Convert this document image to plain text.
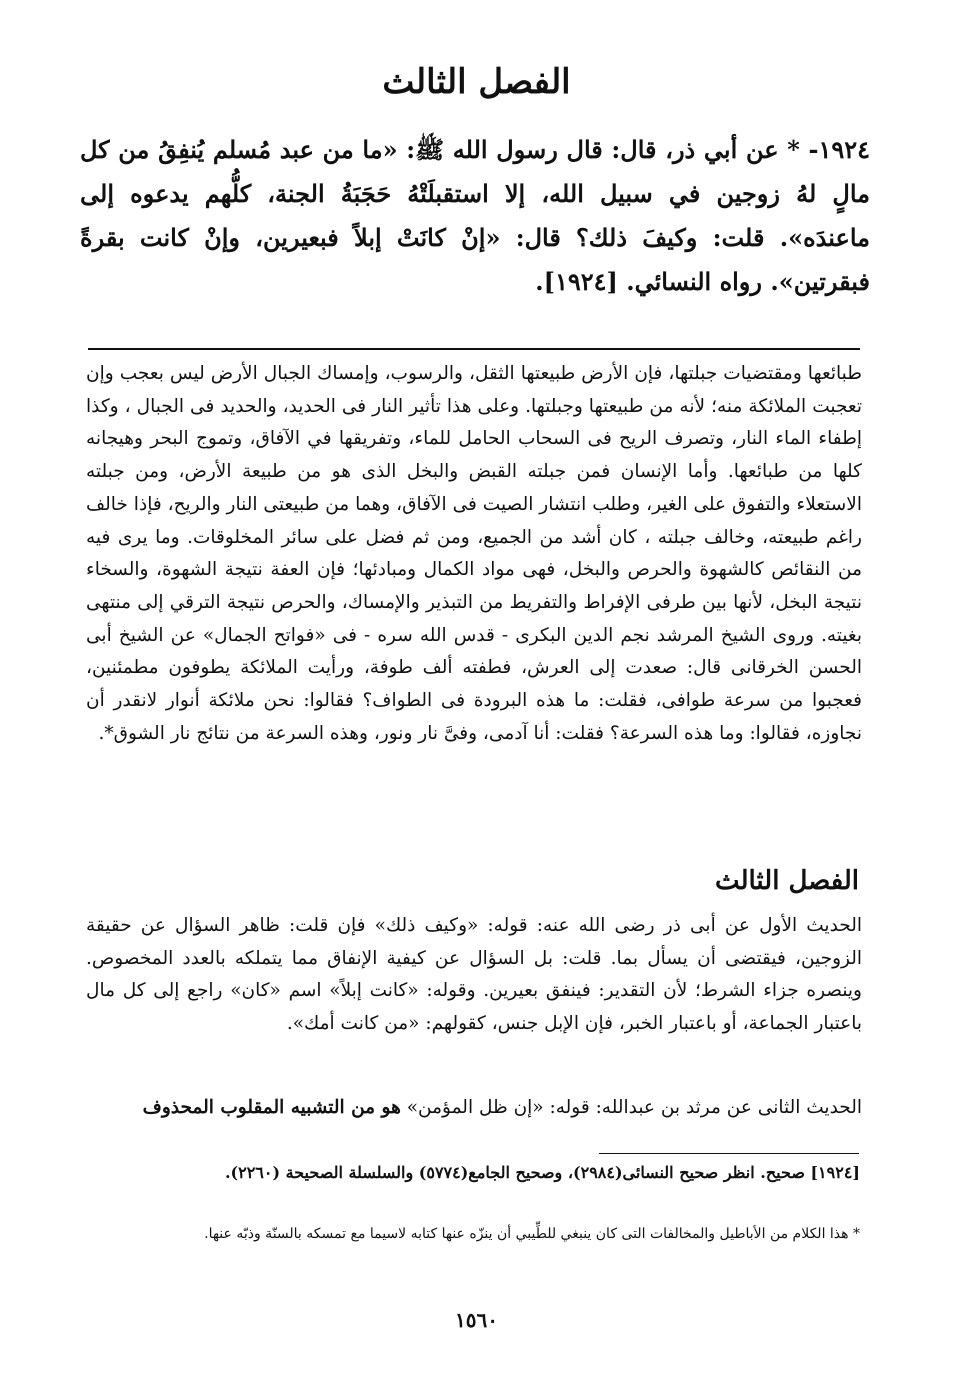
الفصل الثالث
١٩٢٤- * عن أبي ذر، قال: قال رسول الله ﷺ: «ما من عبد مُسلم يُنفِقُ من كل مالٍ لهُ زوجين في سبيل الله، إلا استقبلَتْهُ حَجَبَةُ الجنة، كلُّهم يدعوه إلى ماعندَه». قلت: وكيفَ ذلك؟ قال: «إنْ كانَتْ إبلاً فبعيرين، وإنْ كانت بقرةً فبقرتين». رواه النسائي. [١٩٢٤].
طبائعها ومقتضيات جبلتها، فإن الأرض طبيعتها الثقل، والرسوب، وإمساك الجبال الأرض ليس بعجب وإن تعجبت الملائكة منه؛ لأنه من طبيعتها وجبلتها. وعلى هذا تأثير النار فى الحديد، والحديد فى الجبال ، وكذا إطفاء الماء النار، وتصرف الريح فى السحاب الحامل للماء، وتفريقها في الآفاق، وتموج البحر وهيجانه كلها من طبائعها. وأما الإنسان فمن جبلته القبض والبخل الذى هو من طبيعة الأرض، ومن جبلته الاستعلاء والتفوق على الغير، وطلب انتشار الصيت فى الآفاق، وهما من طبيعتى النار والريح، فإذا خالف راغم طبيعته، وخالف جبلته ، كان أشد من الجميع، ومن ثم فضل على سائر المخلوقات. وما يرى فيه من النقائص كالشهوة والحرص والبخل، فهى مواد الكمال ومبادئها؛ فإن العفة نتيجة الشهوة، والسخاء نتيجة البخل، لأنها بين طرفى الإفراط والتفريط من التبذير والإمساك، والحرص نتيجة الترقي إلى منتهى بغيته. وروى الشيخ المرشد نجم الدين البكرى - قدس الله سره - فى «فواتح الجمال» عن الشيخ أبى الحسن الخرقانى قال: صعدت إلى العرش، فطفته ألف طوفة، ورأيت الملائكة يطوفون مطمئنين، فعجبوا من سرعة طوافى، فقلت: ما هذه البرودة فى الطواف؟ فقالوا: نحن ملائكة أنوار لانقدر أن نجاوزه، فقالوا: وما هذه السرعة؟ فقلت: أنا آدمى، وفىَّ نار ونور، وهذه السرعة من نتائج نار الشوق*.
الفصل الثالث
الحديث الأول عن أبى ذر رضى الله عنه: قوله: «وكيف ذلك» فإن قلت: ظاهر السؤال عن حقيقة الزوجين، فيقتضى أن يسأل بما. قلت: بل السؤال عن كيفية الإنفاق مما يتملكه بالعدد المخصوص. وينصره جزاء الشرط؛ لأن التقدير: فينفق بعيرين. وقوله: «كانت إبلاً» اسم «كان» راجع إلى كل مال باعتبار الجماعة، أو باعتبار الخبر، فإن الإبل جنس، كقولهم: «من كانت أمك».
الحديث الثانى عن مرثد بن عبدالله: قوله: «إن ظل المؤمن» هو من التشبيه المقلوب المحذوف
[١٩٢٤] صحيح. انظر صحيح النسائى(٢٩٨٤)، وصحيح الجامع(٥٧٧٤) والسلسلة الصحيحة (٢٢٦٠).
* هذا الكلام من الأباطيل والمخالفات التى كان ينبغي للطِّيبي أن ينزّه عنها كتابه لاسيما مع تمسكه بالسنّة وذبّه عنها.
١٥٦٠
